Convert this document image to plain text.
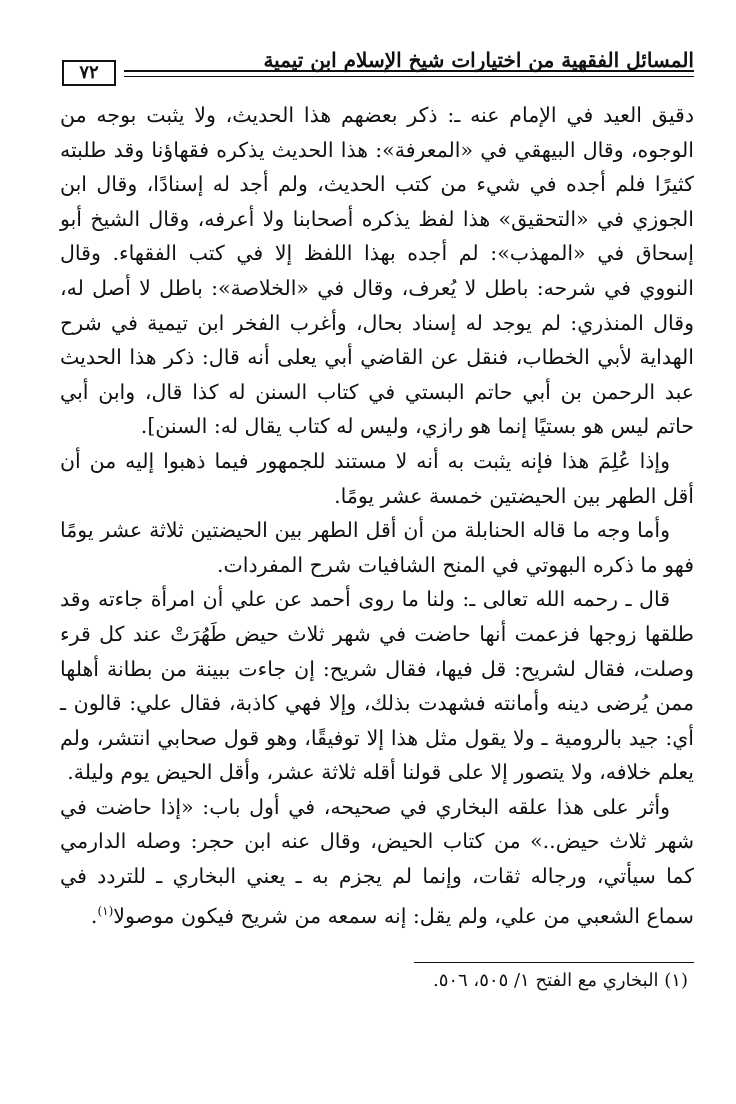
٧٢
المسائل الفقهية من اختيارات شيخ الإسلام ابن تيمية

دقيق العيد في الإمام عنه ـ: ذكر بعضهم هذا الحديث، ولا يثبت بوجه من الوجوه، وقال البيهقي في «المعرفة»: هذا الحديث يذكره فقهاؤنا وقد طلبته كثيرًا فلم أجده في شيء من كتب الحديث، ولم أجد له إسنادًا، وقال ابن الجوزي في «التحقيق» هذا لفظ يذكره أصحابنا ولا أعرفه، وقال الشيخ أبو إسحاق في «المهذب»: لم أجده بهذا اللفظ إلا في كتب الفقهاء. وقال النووي في شرحه: باطل لا يُعرف، وقال في «الخلاصة»: باطل لا أصل له، وقال المنذري: لم يوجد له إسناد بحال، وأغرب الفخر ابن تيمية في شرح الهداية لأبي الخطاب، فنقل عن القاضي أبي يعلى أنه قال: ذكر هذا الحديث عبد الرحمن بن أبي حاتم البستي في كتاب السنن له كذا قال، وابن أبي حاتم ليس هو بستيًا إنما هو رازي، وليس له كتاب يقال له: السنن].

وإذا عُلِمَ هذا فإنه يثبت به أنه لا مستند للجمهور فيما ذهبوا إليه من أن أقل الطهر بين الحيضتين خمسة عشر يومًا.

وأما وجه ما قاله الحنابلة من أن أقل الطهر بين الحيضتين ثلاثة عشر يومًا فهو ما ذكره البهوتي في المنح الشافيات شرح المفردات.

قال ـ رحمه الله تعالى ـ: ولنا ما روى أحمد عن علي أن امرأة جاءته وقد طلقها زوجها فزعمت أنها حاضت في شهر ثلاث حيض طَهُرَتْ عند كل قرء وصلت، فقال لشريح: قل فيها، فقال شريح: إن جاءت ببينة من بطانة أهلها ممن يُرضى دينه وأمانته فشهدت بذلك، وإلا فهي كاذبة، فقال علي: قالون ـ أي: جيد بالرومية ـ ولا يقول مثل هذا إلا توفيقًا، وهو قول صحابي انتشر، ولم يعلم خلافه، ولا يتصور إلا على قولنا أقله ثلاثة عشر، وأقل الحيض يوم وليلة.

وأثر على هذا علقه البخاري في صحيحه، في أول باب: «إذا حاضت في شهر ثلاث حيض..» من كتاب الحيض، وقال عنه ابن حجر: وصله الدارمي كما سيأتي، ورجاله ثقات، وإنما لم يجزم به ـ يعني البخاري ـ للتردد في سماع الشعبي من علي، ولم يقل: إنه سمعه من شريح فيكون موصولا$^{(١)}$.

(١) البخاري مع الفتح ١/ ٥٠٥، ٥٠٦.
